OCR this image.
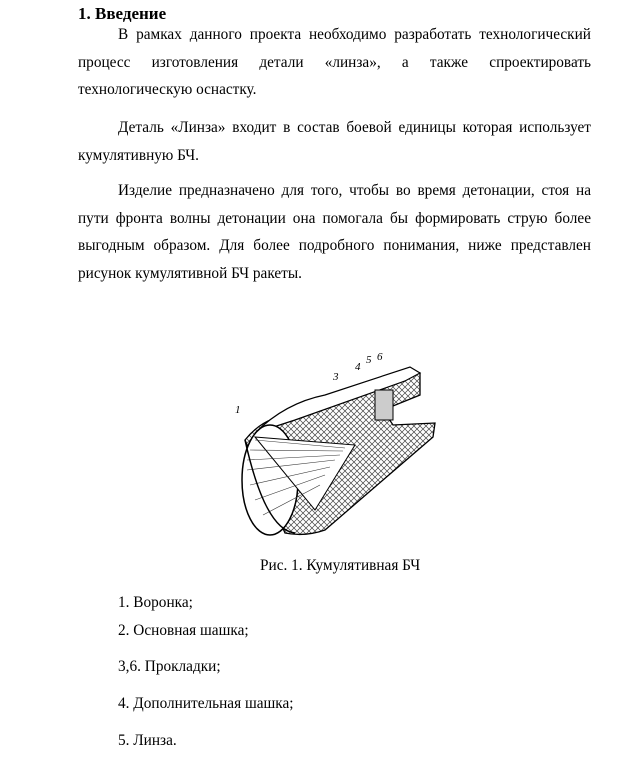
1. Введение

В рамках данного проекта необходимо разработать технологический процесс изготовления детали «линза», а также спроектировать технологическую оснастку.

Деталь «Линза» входит в состав боевой единицы которая использует кумулятивную БЧ.

Изделие предназначено для того, чтобы во время детонации, стоя на пути фронта волны детонации она помогала бы формировать струю более выгодным образом. Для более подробного понимания, ниже представлен рисунок кумулятивной БЧ ракеты.

1
3
4
5 6
Рис. 1. Кумулятивная БЧ
1. Воронка;
2. Основная шашка;
3,6. Прокладки;
4. Дополнительная шашка;
5. Линза.
